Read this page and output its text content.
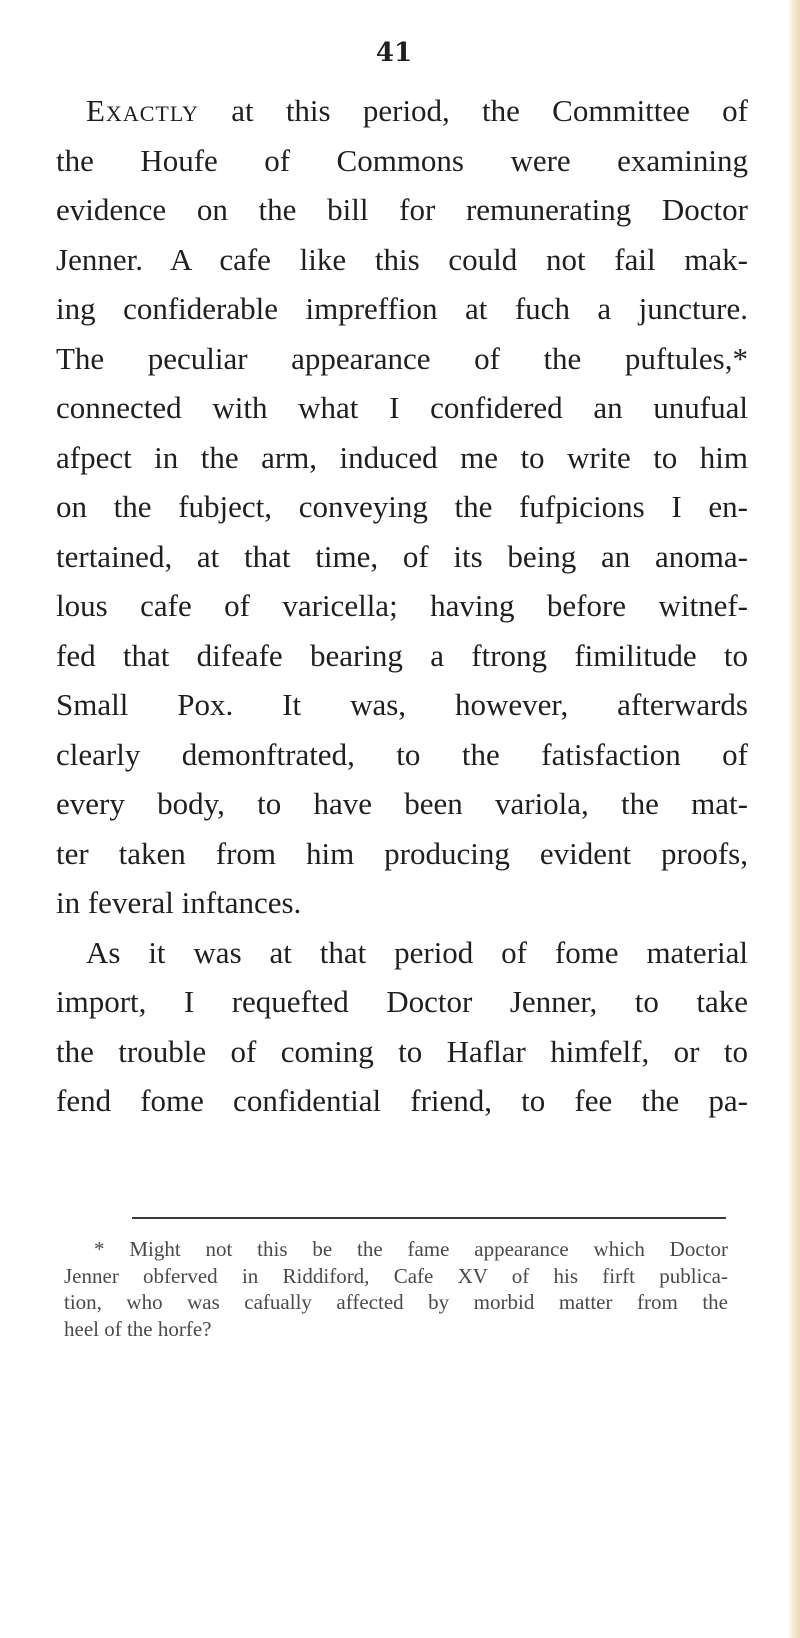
41
Exactly at this period, the Committee of
the Houfe of Commons were examining
evidence on the bill for remunerating Doctor
Jenner. A cafe like this could not fail mak-
ing confiderable impreffion at fuch a juncture.
The peculiar appearance of the puftules,*
connected with what I confidered an unufual
afpect in the arm, induced me to write to him
on the fubject, conveying the fufpicions I en-
tertained, at that time, of its being an anoma-
lous cafe of varicella; having before witnef-
fed that difeafe bearing a ftrong fimilitude to
Small Pox. It was, however, afterwards
clearly demonftrated, to the fatisfaction of
every body, to have been variola, the mat-
ter taken from him producing evident proofs,
in feveral inftances.
As it was at that period of fome material
import, I requefted Doctor Jenner, to take
the trouble of coming to Haflar himfelf, or to
fend fome confidential friend, to fee the pa-
* Might not this be the fame appearance which Doctor
Jenner obferved in Riddiford, Cafe XV of his firft publica-
tion, who was cafually affected by morbid matter from the
heel of the horfe?
